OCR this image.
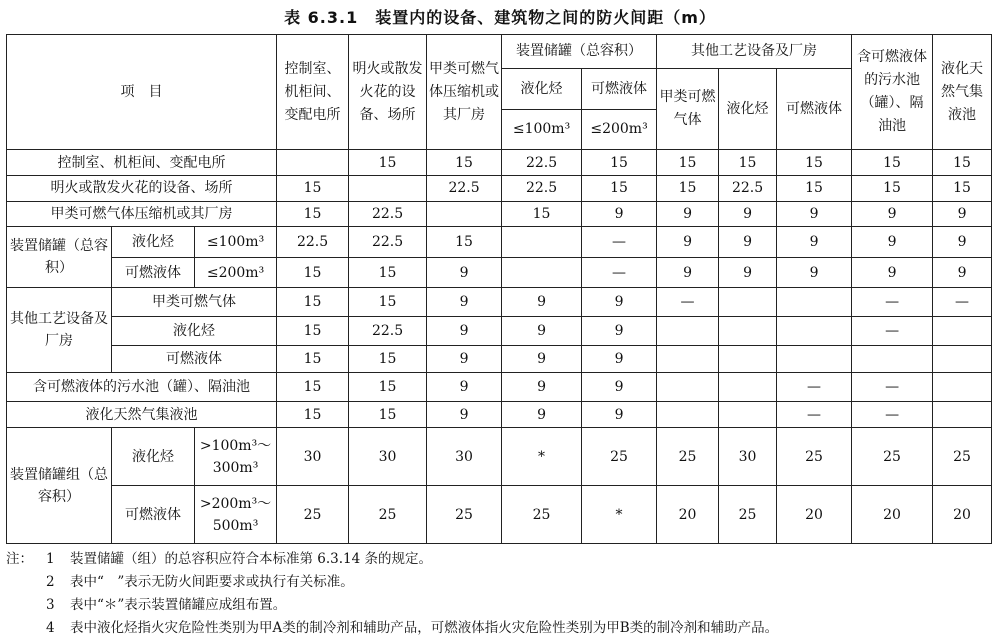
表 6.3.1　装置内的设备、建筑物之间的防火间距（m）
项　目			控制室、机柜间、变配电所	明火或散发火花的设备、场所	甲类可燃气体压缩机或其厂房	装置储罐（总容积）		其他工艺设备及厂房			含可燃液体的污水池（罐）、隔油池	液化天然气集液池
						液化烃	可燃液体	甲类可燃气体	液化烃	可燃液体		
						≤100m³	≤200m³					
控制室、机柜间、变配电所				15	15	22.5	15	15	15	15	15	15
明火或散发火花的设备、场所			15		22.5	22.5	15	15	22.5	15	15	15
甲类可燃气体压缩机或其厂房			15	22.5		15	9	9	9	9	9	9
装置储罐（总容积）	液化烃	≤100m³	22.5	22.5	15		—	9	9	9	9	9
	可燃液体	≤200m³	15	15	9		—	9	9	9	9	9
其他工艺设备及厂房	甲类可燃气体		15	15	9	9	9	—			—	—
	液化烃		15	22.5	9	9	9				—	
	可燃液体		15	15	9	9	9					
含可燃液体的污水池（罐）、隔油池			15	15	9	9	9			—	—	
液化天然气集液池			15	15	9	9	9			—	—	
装置储罐组（总容积）	液化烃	>100m³～300m³	30	30	30	*	25	25	30	25	25	25
	可燃液体	>200m³～500m³	25	25	25	25	*	20	25	20	20	20
注： 1 装置储罐（组）的总容积应符合本标准第 6.3.14 条的规定。
2 表中“　”表示无防火间距要求或执行有关标准。
3 表中“＊”表示装置储罐应成组布置。
4 表中液化烃指火灾危险性类别为甲A类的制冷剂和辅助产品，可燃液体指火灾危险性类别为甲B类的制冷剂和辅助产品。
